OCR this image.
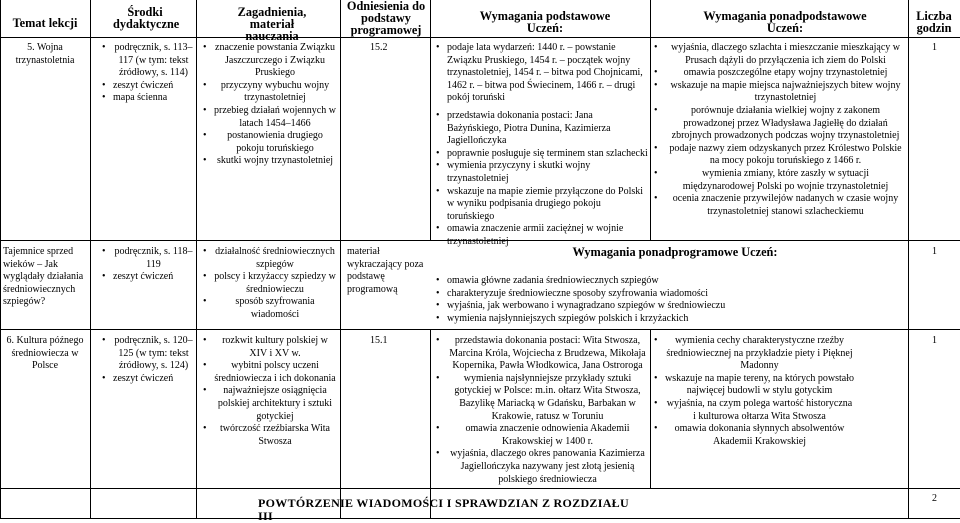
Temat lekcji
Środki dydaktyczne
Zagadnienia, materiał nauczania
Odniesienia do podstawy programowej
Wymagania podstawowe Uczeń:
Wymagania ponadpodstawowe Uczeń:
Liczba godzin
5. Wojna trzynastoletnia
• podręcznik, s. 113–117 (w tym: tekst źródłowy, s. 114)
• zeszyt ćwiczeń
• mapa ścienna
• znaczenie powstania Związku Jaszczurczego i Związku Pruskiego
• przyczyny wybuchu wojny trzynastoletniej
• przebieg działań wojennych w latach 1454–1466
• postanowienia drugiego pokoju toruńskiego
• skutki wojny trzynastoletniej
15.2	• podaje lata wydarzeń: 1440 r. – powstanie Związku Pruskiego, 1454 r. – początek wojny trzynastoletniej, 1454 r. – bitwa pod Chojnicami, 1462 r. – bitwa pod Świecinem, 1466 r. – drugi pokój toruński
• przedstawia dokonania postaci: Jana Bażyńskiego, Piotra Dunina, Kazimierza Jagiellończyka
• poprawnie posługuje się terminem stan szlachecki
• wymienia przyczyny i skutki wojny trzynastoletniej
• wskazuje na mapie ziemie przyłączone do Polski w wyniku podpisania drugiego pokoju toruńskiego
• omawia znaczenie armii zaciężnej w wojnie trzynastoletniej
• wyjaśnia, dlaczego szlachta i mieszczanie mieszkający w Prusach dążyli do przyłączenia ich ziem do Polski
• omawia poszczególne etapy wojny trzynastoletniej
• wskazuje na mapie miejsca najważniejszych bitew wojny trzynastoletniej
• porównuje działania wielkiej wojny z zakonem prowadzonej przez Władysława Jagiełłę do działań zbrojnych prowadzonych podczas wojny trzynastoletniej
• podaje nazwy ziem odzyskanych przez Królestwo Polskie na mocy pokoju toruńskiego z 1466 r.
• wymienia zmiany, które zaszły w sytuacji międzynarodowej Polski po wojnie trzynastoletniej
• ocenia znaczenie przywilejów nadanych w czasie wojny trzynastoletniej stanowi szlacheckiemu
1
Tajemnice sprzed wieków – Jak wyglądały działania średniowiecznych szpiegów?
• podręcznik, s. 118–119
• zeszyt ćwiczeń
• działalność średniowiecznych szpiegów
• polscy i krzyżaccy szpiedzy w średniowieczu
• sposób szyfrowania wiadomości
materiał wykraczający poza podstawę programową
Wymagania ponadprogramowe Uczeń:
• omawia główne zadania średniowiecznych szpiegów
• charakteryzuje średniowieczne sposoby szyfrowania wiadomości
• wyjaśnia, jak werbowano i wynagradzano szpiegów w średniowieczu
• wymienia najsłynniejszych szpiegów polskich i krzyżackich
1
6. Kultura późnego średniowiecza w Polsce
• podręcznik, s. 120–125 (w tym: tekst źródłowy, s. 124)
• zeszyt ćwiczeń
• rozkwit kultury polskiej w XIV i XV w.
• wybitni polscy uczeni średniowiecza i ich dokonania
• najważniejsze osiągnięcia polskiej architektury i sztuki gotyckiej
• twórczość rzeźbiarska Wita Stwosza
15.1	• przedstawia dokonania postaci: Wita Stwosza, Marcina Króla, Wojciecha z Brudzewa, Mikołaja Kopernika, Pawła Włodkowica, Jana Ostroroga
• wymienia najsłynniejsze przykłady sztuki gotyckiej w Polsce: m.in. ołtarz Wita Stwosza, Bazylikę Mariacką w Gdańsku, Barbakan w Krakowie, ratusz w Toruniu
• omawia znaczenie odnowienia Akademii Krakowskiej w 1400 r.
• wyjaśnia, dlaczego okres panowania Kazimierza Jagiellończyka nazywany jest złotą jesienią polskiego średniowiecza
• wymienia cechy charakterystyczne rzeźby średniowiecznej na przykładzie piety i Pięknej Madonny
• wskazuje na mapie tereny, na których powstało najwięcej budowli w stylu gotyckim
• wyjaśnia, na czym polega wartość historyczna i kulturowa ołtarza Wita Stwosza
• omawia dokonania słynnych absolwentów Akademii Krakowskiej
1
POWTÓRZENIE WIADOMOŚCI I SPRAWDZIAN Z ROZDZIAŁU III
2
